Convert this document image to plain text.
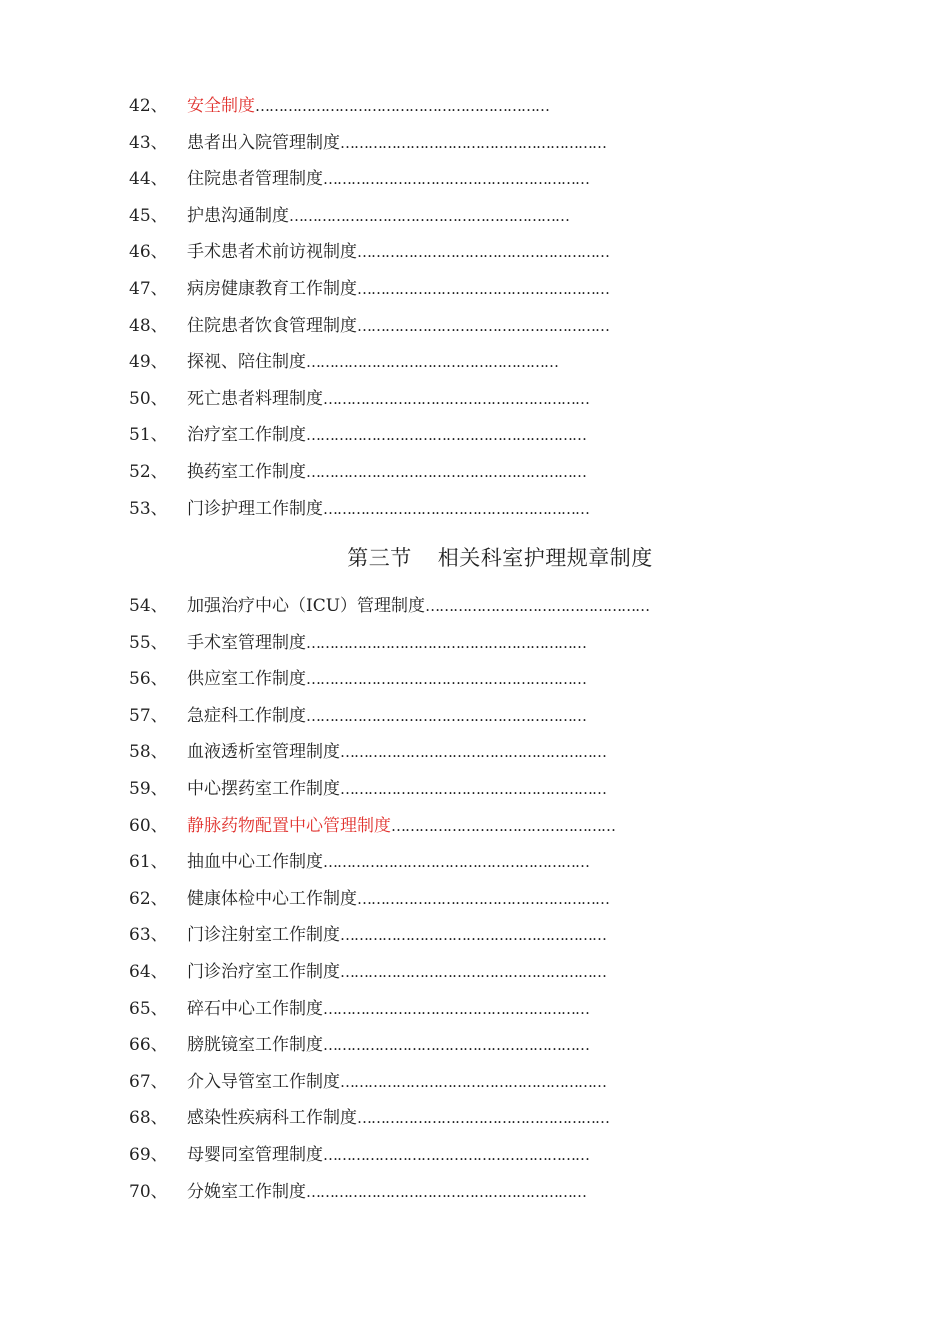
42、	安全制度 ………………………………………………………
43、	患者出入院管理制度 …………………………………………………
44、	住院患者管理制度 …………………………………………………
45、	护患沟通制度 ……………………………………………………
46、	手术患者术前访视制度 ………………………………………………
47、	病房健康教育工作制度 ………………………………………………
48、	住院患者饮食管理制度 ………………………………………………
49、	探视、陪住制度 ………………………………………………
50、	死亡患者料理制度 …………………………………………………
51、	治疗室工作制度 ……………………………………………………
52、	换药室工作制度 ……………………………………………………
53、	门诊护理工作制度 …………………………………………………
第三节 相关科室护理规章制度
54、	加强治疗中心（ICU）管理制度 …………………………………………
55、	手术室管理制度 ……………………………………………………
56、	供应室工作制度 ……………………………………………………
57、	急症科工作制度 ……………………………………………………
58、	血液透析室管理制度 …………………………………………………
59、	中心摆药室工作制度 …………………………………………………
60、	静脉药物配置中心管理制度 …………………………………………
61、	抽血中心工作制度 …………………………………………………
62、	健康体检中心工作制度 ………………………………………………
63、	门诊注射室工作制度 …………………………………………………
64、	门诊治疗室工作制度 …………………………………………………
65、	碎石中心工作制度 …………………………………………………
66、	膀胱镜室工作制度 …………………………………………………
67、	介入导管室工作制度 …………………………………………………
68、	感染性疾病科工作制度 ………………………………………………
69、	母婴同室管理制度 …………………………………………………
70、	分娩室工作制度 ……………………………………………………
